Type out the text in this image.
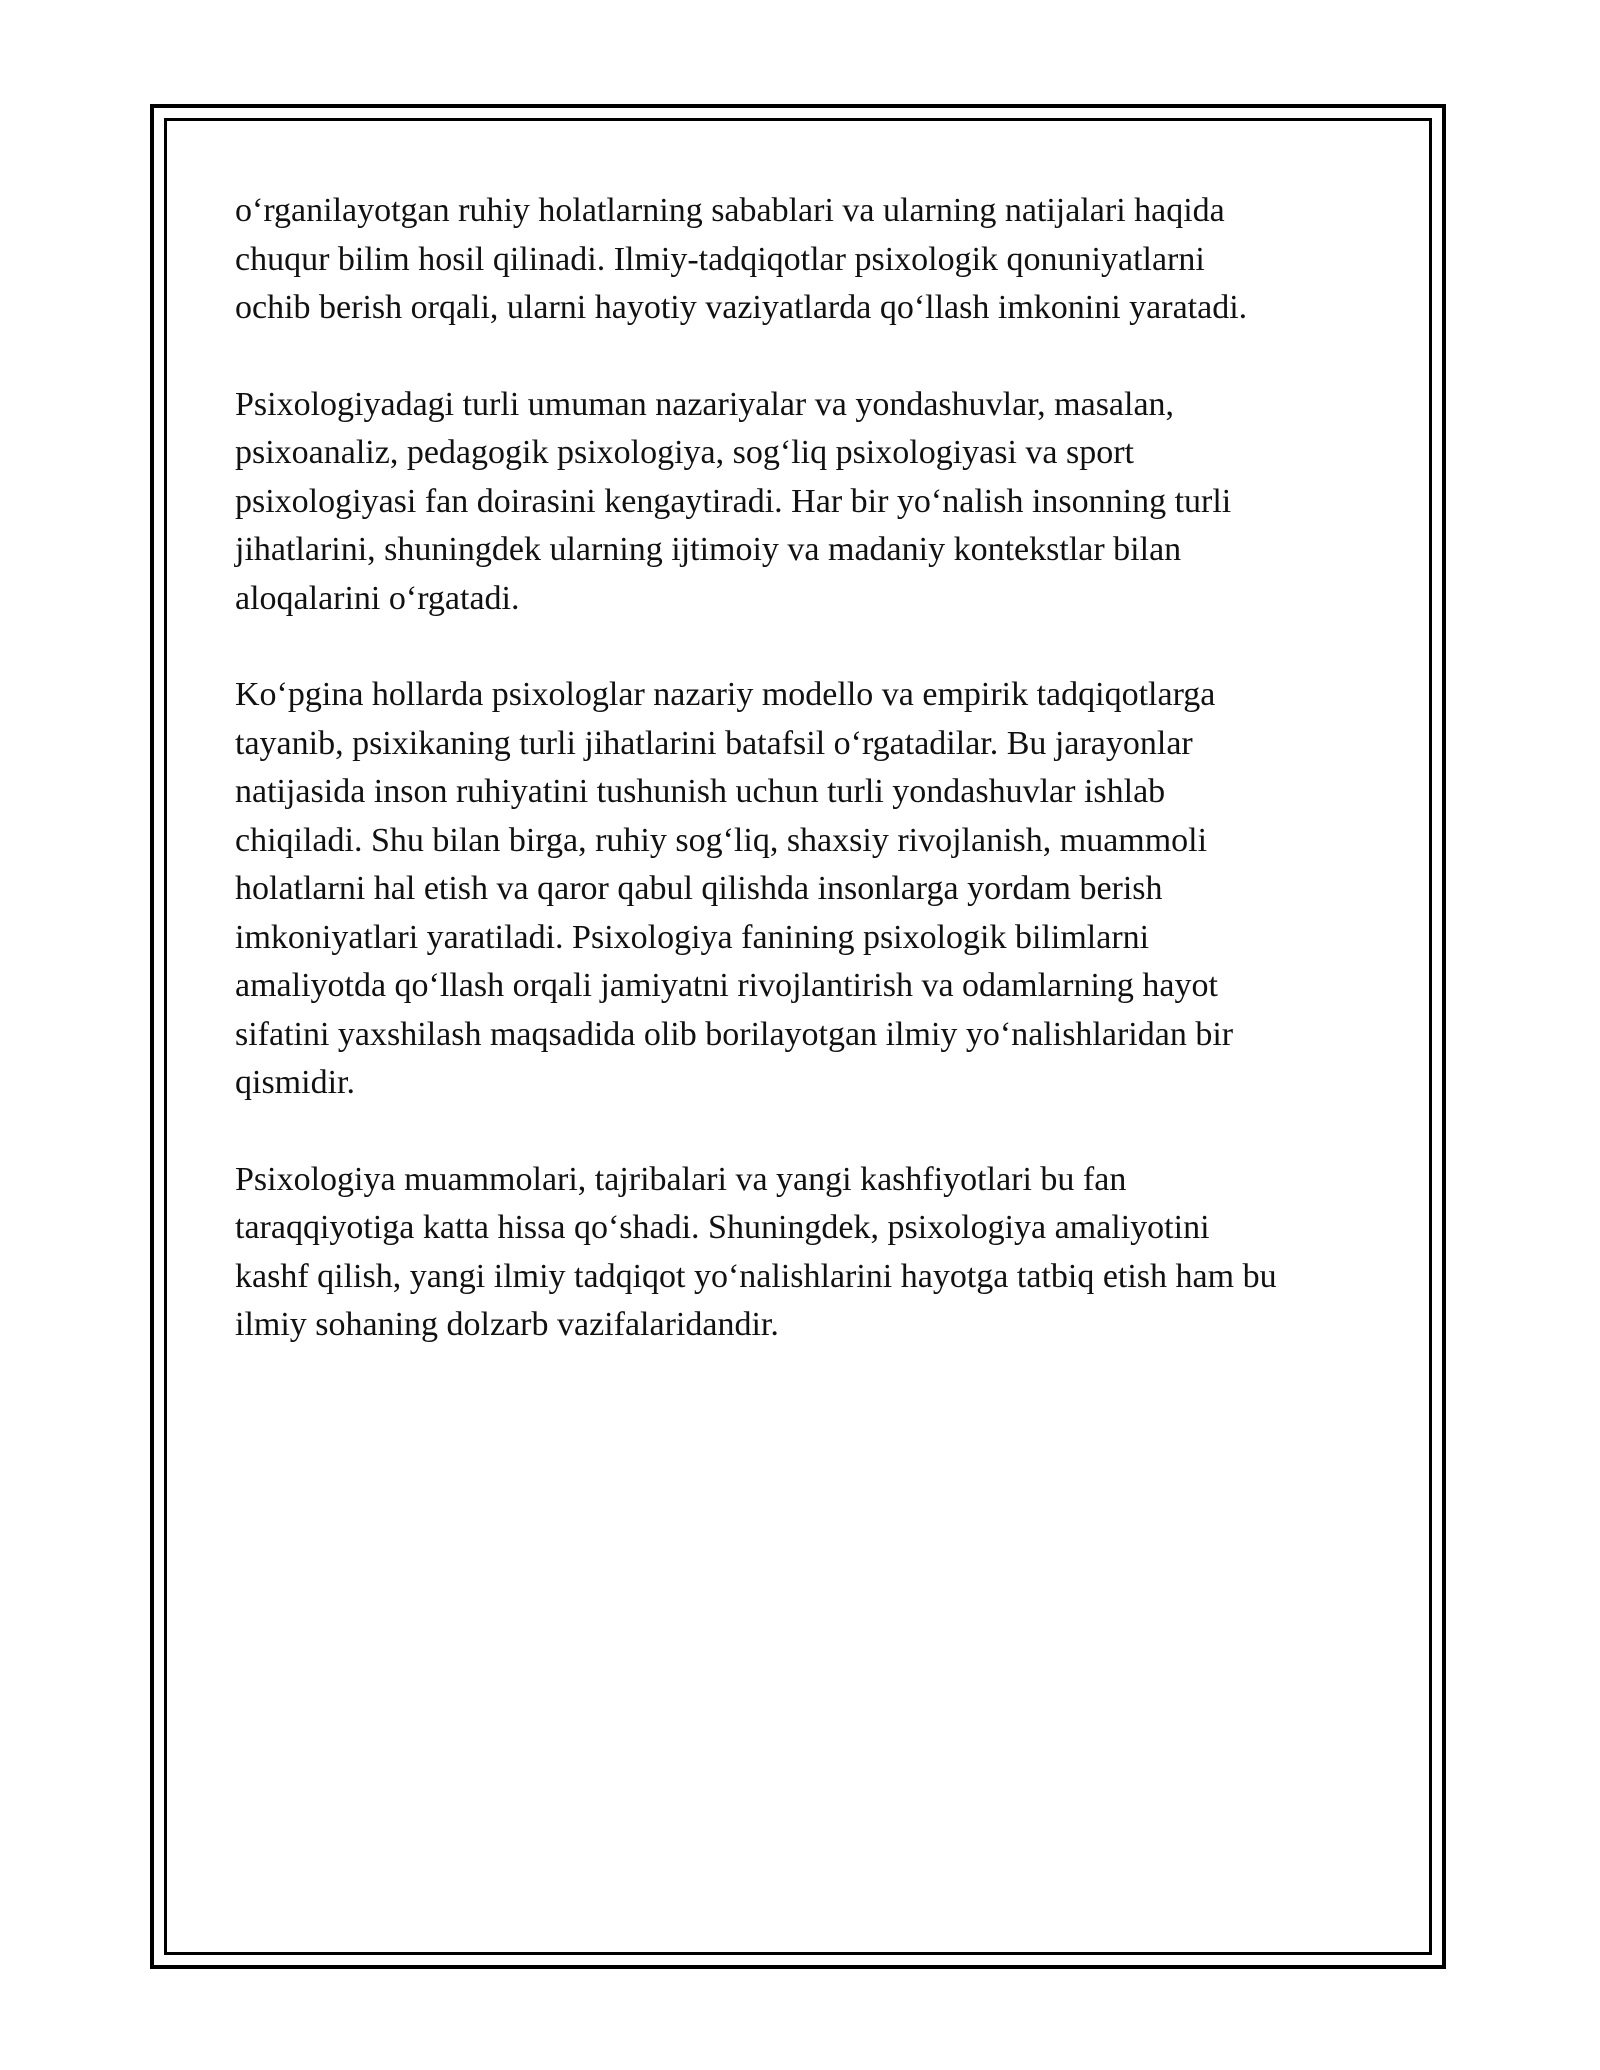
o‘rganilayotgan ruhiy holatlarning sabablari va ularning natijalari haqida
chuqur bilim hosil qilinadi. Ilmiy-tadqiqotlar psixologik qonuniyatlarni
ochib berish orqali, ularni hayotiy vaziyatlarda qo‘llash imkonini yaratadi.

Psixologiyadagi turli umuman nazariyalar va yondashuvlar, masalan,
psixoanaliz, pedagogik psixologiya, sog‘liq psixologiyasi va sport
psixologiyasi fan doirasini kengaytiradi. Har bir yo‘nalish insonning turli
jihatlarini, shuningdek ularning ijtimoiy va madaniy kontekstlar bilan
aloqalarini o‘rgatadi.

Ko‘pgina hollarda psixologlar nazariy modello va empirik tadqiqotlarga
tayanib, psixikaning turli jihatlarini batafsil o‘rgatadilar. Bu jarayonlar
natijasida inson ruhiyatini tushunish uchun turli yondashuvlar ishlab
chiqiladi. Shu bilan birga, ruhiy sog‘liq, shaxsiy rivojlanish, muammoli
holatlarni hal etish va qaror qabul qilishda insonlarga yordam berish
imkoniyatlari yaratiladi. Psixologiya fanining psixologik bilimlarni
amaliyotda qo‘llash orqali jamiyatni rivojlantirish va odamlarning hayot
sifatini yaxshilash maqsadida olib borilayotgan ilmiy yo‘nalishlaridan bir
qismidir.

Psixologiya muammolari, tajribalari va yangi kashfiyotlari bu fan
taraqqiyotiga katta hissa qo‘shadi. Shuningdek, psixologiya amaliyotini
kashf qilish, yangi ilmiy tadqiqot yo‘nalishlarini hayotga tatbiq etish ham bu
ilmiy sohaning dolzarb vazifalaridandir.
